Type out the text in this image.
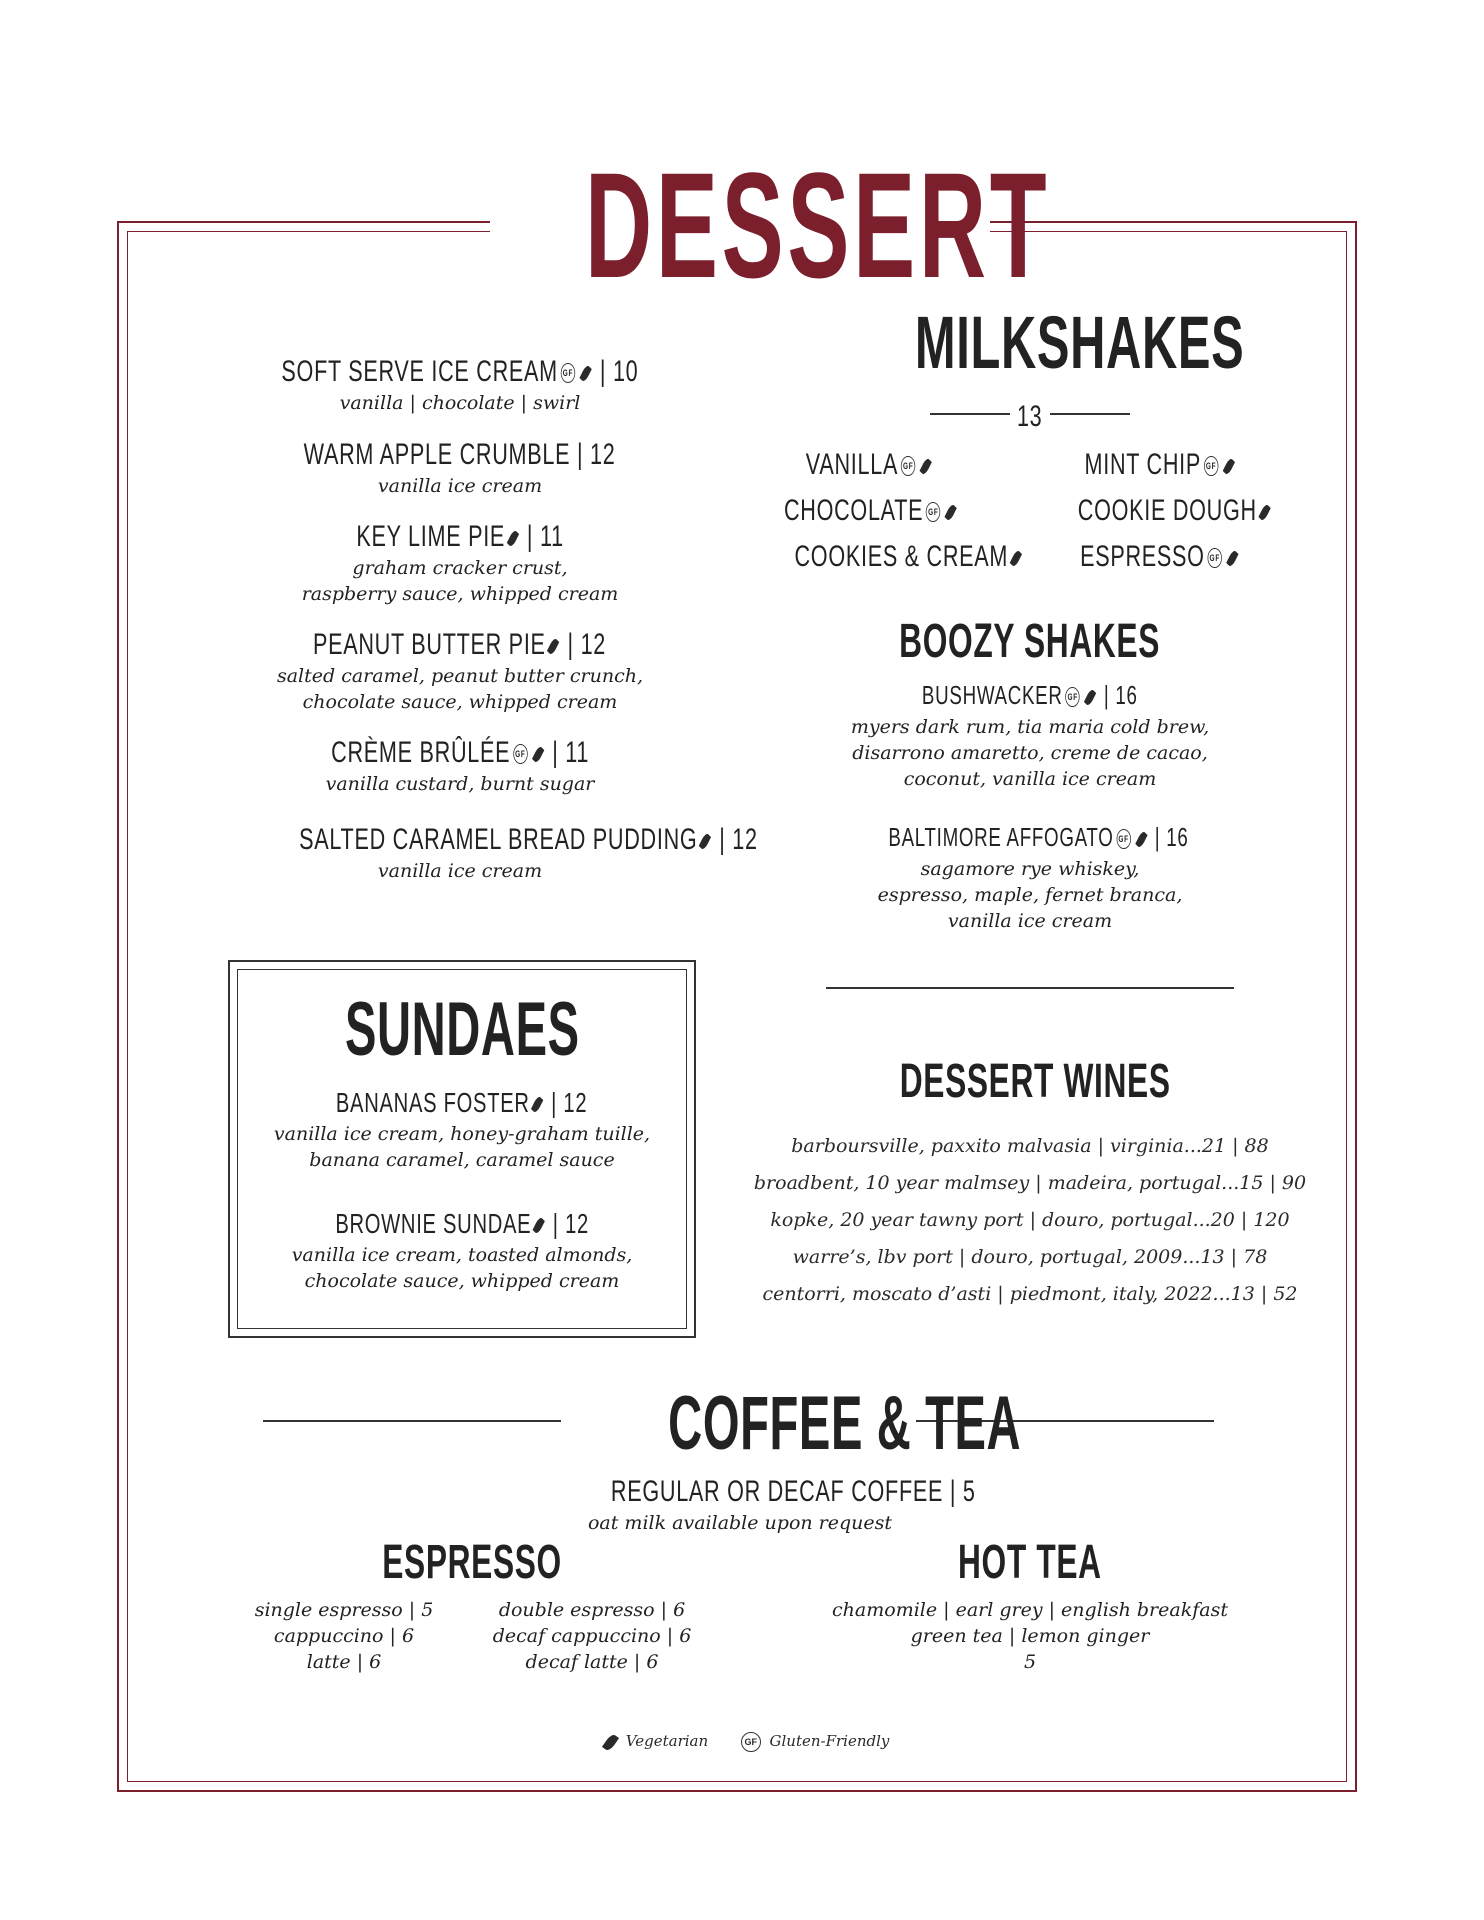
DESSERT
SOFT SERVE ICE CREAM GF | 10
vanilla | chocolate | swirl
WARM APPLE CRUMBLE | 12
vanilla ice cream
KEY LIME PIE | 11
graham cracker crust,
raspberry sauce, whipped cream
PEANUT BUTTER PIE | 12
salted caramel, peanut butter crunch,
chocolate sauce, whipped cream
CRÈME BRÛLÉE GF | 11
vanilla custard, burnt sugar
SALTED CARAMEL BREAD PUDDING | 12
vanilla ice cream
MILKSHAKES
13
VANILLA GF
CHOCOLATE GF
COOKIES & CREAM
MINT CHIP GF
COOKIE DOUGH
ESPRESSO GF
BOOZY SHAKES
BUSHWACKER GF | 16
myers dark rum, tia maria cold brew,
disarrono amaretto, creme de cacao,
coconut, vanilla ice cream
BALTIMORE AFFOGATO GF | 16
sagamore rye whiskey,
espresso, maple, fernet branca,
vanilla ice cream
SUNDAES
BANANAS FOSTER | 12
vanilla ice cream, honey-graham tuille,
banana caramel, caramel sauce
BROWNIE SUNDAE | 12
vanilla ice cream, toasted almonds,
chocolate sauce, whipped cream
DESSERT WINES
barboursville, paxxito malvasia | virginia...21 | 88
broadbent, 10 year malmsey | madeira, portugal...15 | 90
kopke, 20 year tawny port | douro, portugal...20 | 120
warre’s, lbv port | douro, portugal, 2009...13 | 78
centorri, moscato d’asti | piedmont, italy, 2022...13 | 52
COFFEE & TEA
REGULAR OR DECAF COFFEE | 5
oat milk available upon request
ESPRESSO
single espresso | 5
cappuccino | 6
latte | 6
double espresso | 6
decaf cappuccino | 6
decaf latte | 6
HOT TEA
chamomile | earl grey | english breakfast
green tea | lemon ginger
5
Vegetarian	GF Gluten-Friendly
